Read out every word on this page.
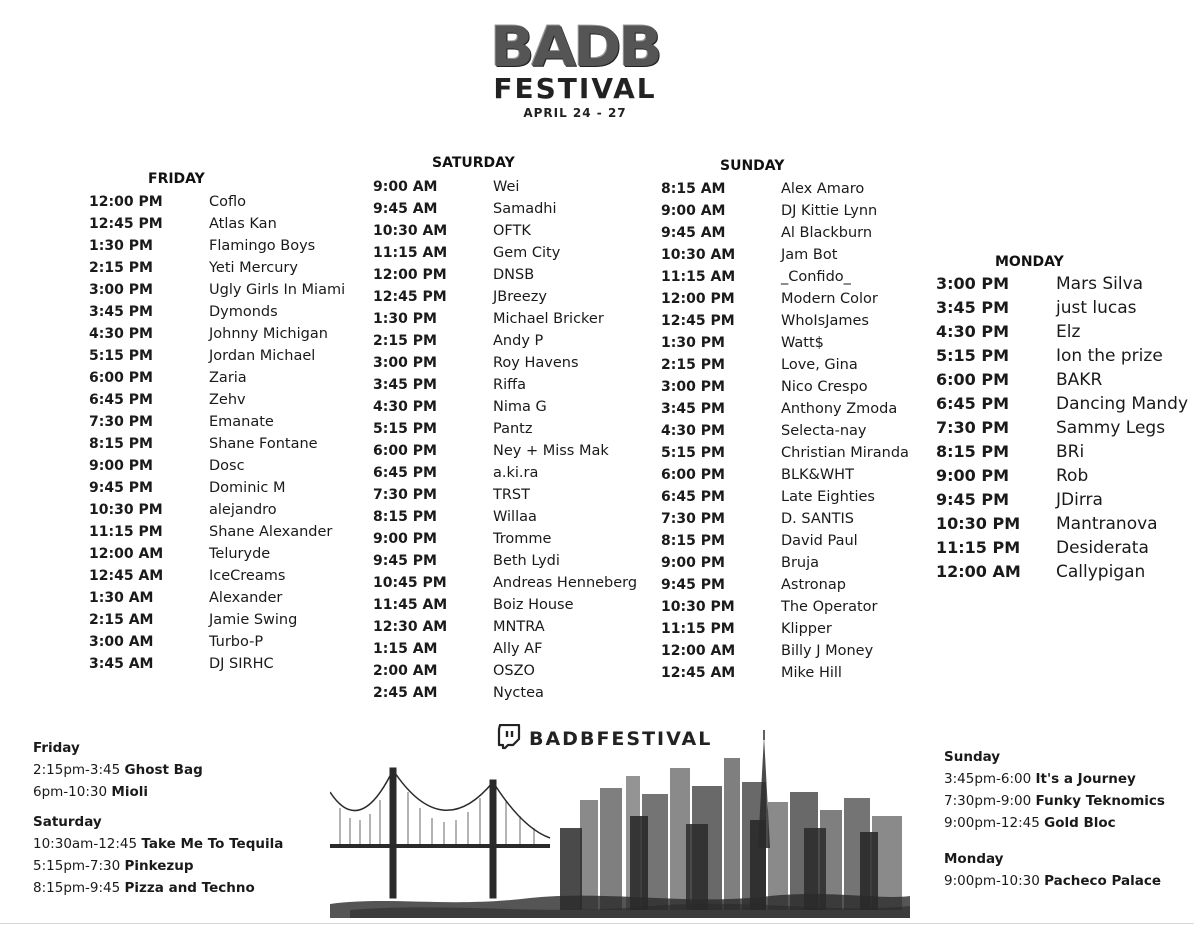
BADB
FESTIVAL
APRIL 24 - 27
FRIDAY
12:00 PM	Coflo
12:45 PM	Atlas Kan
1:30 PM	Flamingo Boys
2:15 PM	Yeti Mercury
3:00 PM	Ugly Girls In Miami
3:45 PM	Dymonds
4:30 PM	Johnny Michigan
5:15 PM	Jordan Michael
6:00 PM	Zaria
6:45 PM	Zehv
7:30 PM	Emanate
8:15 PM	Shane Fontane
9:00 PM	Dosc
9:45 PM	Dominic M
10:30 PM	alejandro
11:15 PM	Shane Alexander
12:00 AM	Teluryde
12:45 AM	IceCreams
1:30 AM	Alexander
2:15 AM	Jamie Swing
3:00 AM	Turbo-P
3:45 AM	DJ SIRHC
SATURDAY
9:00 AM	Wei
9:45 AM	Samadhi
10:30 AM	OFTK
11:15 AM	Gem City
12:00 PM	DNSB
12:45 PM	JBreezy
1:30 PM	Michael Bricker
2:15 PM	Andy P
3:00 PM	Roy Havens
3:45 PM	Riffa
4:30 PM	Nima G
5:15 PM	Pantz
6:00 PM	Ney + Miss Mak
6:45 PM	a.ki.ra
7:30 PM	TRST
8:15 PM	Willaa
9:00 PM	Tromme
9:45 PM	Beth Lydi
10:45 PM	Andreas Henneberg
11:45 AM	Boiz House
12:30 AM	MNTRA
1:15 AM	Ally AF
2:00 AM	OSZO
2:45 AM	Nyctea
SUNDAY
8:15 AM	Alex Amaro
9:00 AM	DJ Kittie Lynn
9:45 AM	Al Blackburn
10:30 AM	Jam Bot
11:15 AM	_Confido_
12:00 PM	Modern Color
12:45 PM	WhoIsJames
1:30 PM	Watt$
2:15 PM	Love, Gina
3:00 PM	Nico Crespo
3:45 PM	Anthony Zmoda
4:30 PM	Selecta-nay
5:15 PM	Christian Miranda
6:00 PM	BLK&WHT
6:45 PM	Late Eighties
7:30 PM	D. SANTIS
8:15 PM	David Paul
9:00 PM	Bruja
9:45 PM	Astronap
10:30 PM	The Operator
11:15 PM	Klipper
12:00 AM	Billy J Money
12:45 AM	Mike Hill
MONDAY
3:00 PM	Mars Silva
3:45 PM	just lucas
4:30 PM	Elz
5:15 PM	Ion the prize
6:00 PM	BAKR
6:45 PM	Dancing Mandy
7:30 PM	Sammy Legs
8:15 PM	BRi
9:00 PM	Rob
9:45 PM	JDirra
10:30 PM Mantranova
11:15 PM Desiderata
12:00 AM Callypigan
Friday
2:15pm-3:45 Ghost Bag
6pm-10:30 Mioli
Saturday
10:30am-12:45 Take Me To Tequila
5:15pm-7:30 Pinkezup
8:15pm-9:45 Pizza and Techno
Sunday
3:45pm-6:00 It's a Journey
7:30pm-9:00 Funky Teknomics
9:00pm-12:45 Gold Bloc
Monday
9:00pm-10:30 Pacheco Palace
BADBFESTIVAL
